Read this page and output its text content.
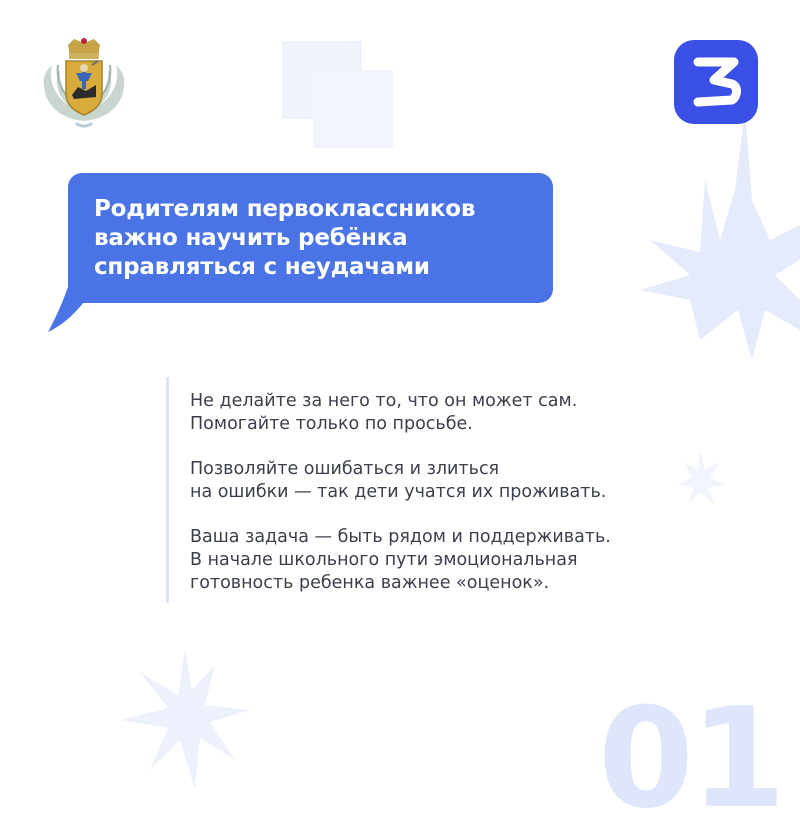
Родителям первоклассников
важно научить ребёнка
справляться с неудачами

Не делайте за него то, что он может сам.
Помогайте только по просьбе.

Позволяйте ошибаться и злиться
на ошибки — так дети учатся их проживать.

Ваша задача — быть рядом и поддерживать.
В начале школьного пути эмоциональная
готовность ребенка важнее «оценок».

01
